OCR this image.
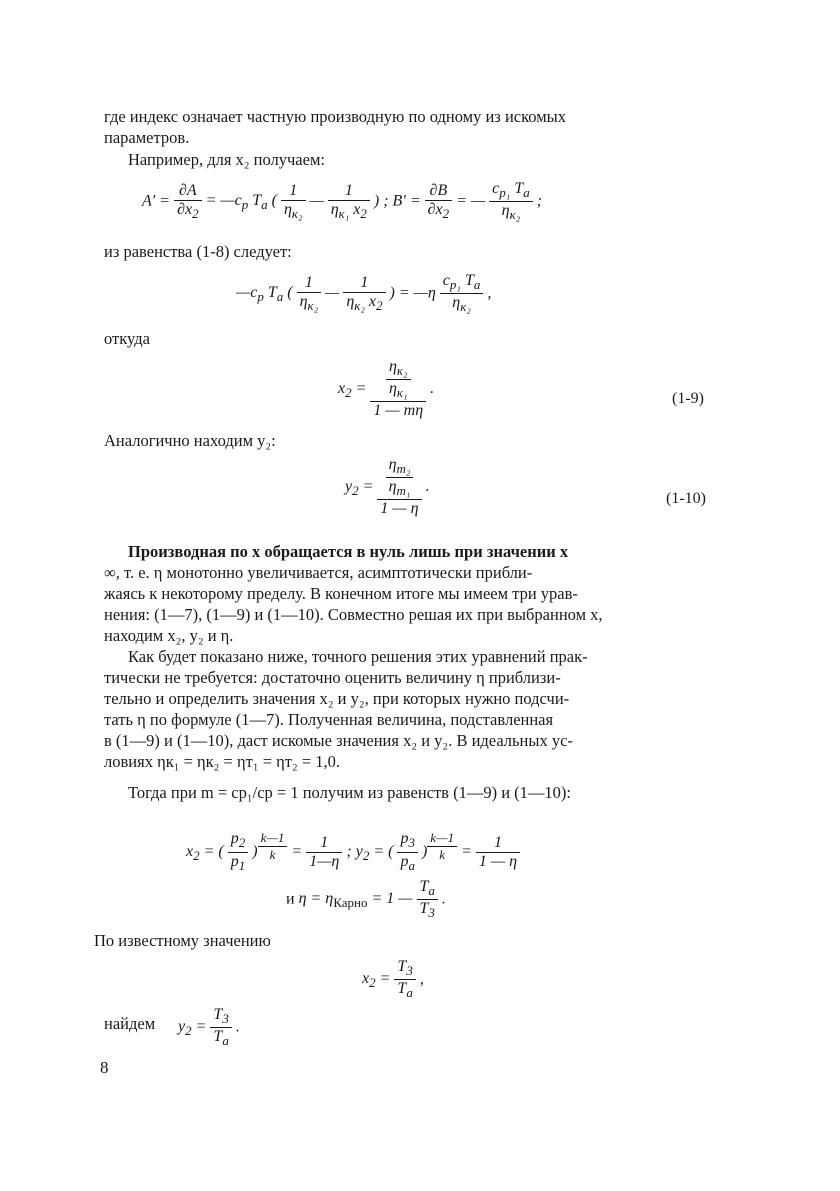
где индекс означает частную производную по одному из искомых

параметров.

Например, для x₂ получаем:

$A' = \frac{\partial A}{\partial x_2}$ = $—c_p$ $T_a$ ( $\frac{1}{\eta_{к_2}}$ — $\frac{1}{\eta_{к_1} x_2}$ ) ; $B' = \frac{\partial B}{\partial x_2}$ = — $\frac{c_{p_1} T_a}{\eta_{к_2}}$ ;

из равенства (1-8) следует:

$—c_p$ $T_a$ ( $\frac{1}{\eta_{к_2}}$ — $\frac{1}{\eta_{к_2} x_2}$ ) = —η $\frac{c_{p_1} T_a}{\eta_{к_2}}$ ,

откуда

$x_2 = \frac{\frac{\eta_{к_2}}{\eta_{к_1}}}{1 — m\eta}$ .
(1-9)

Аналогично находим y₂:

$y_2 = \frac{\frac{\eta_{т_2}}{\eta_{т_1}}}{1 — \eta}$ .
(1-10)

Производная по x обращается в нуль лишь при значении x

∞, т. е. η монотонно увеличивается, асимптотически прибли-

жаясь к некоторому пределу. В конечном итоге мы имеем три урав-

нения: (1—7), (1—9) и (1—10). Совместно решая их при выбранном x,

находим x₂, y₂ и η.

Как будет показано ниже, точного решения этих уравнений прак-

тически не требуется: достаточно оценить величину η приблизи-

тельно и определить значения x₂ и y₂, при которых нужно подсчи-

тать η по формуле (1—7). Полученная величина, подставленная

в (1—9) и (1—10), даст искомые значения x₂ и y₂. В идеальных ус-

ловиях ηк₁ = ηк₂ = ηт₁ = ηт₂ = 1,0.

Тогда при m = cp₁/cp = 1 получим из равенств (1—9) и (1—10):

$x_2$ = ( $\frac{p_2}{p_1}$ ) $^{\frac{k—1}{k}} = \frac{1}{1—\eta}$ ; $y_2$ = ( $\frac{p_3}{p_a}$ ) $^{\frac{k—1}{k}} = \frac{1}{1 — \eta}$
и $\eta = \eta_{Карно} = 1$ — $\frac{T_a}{T_3}$ .

По известному значению

$x_2 = \frac{T_3}{T_a}$ ,

найдем $y_2 = \frac{T_3}{T_a}$ .
8
